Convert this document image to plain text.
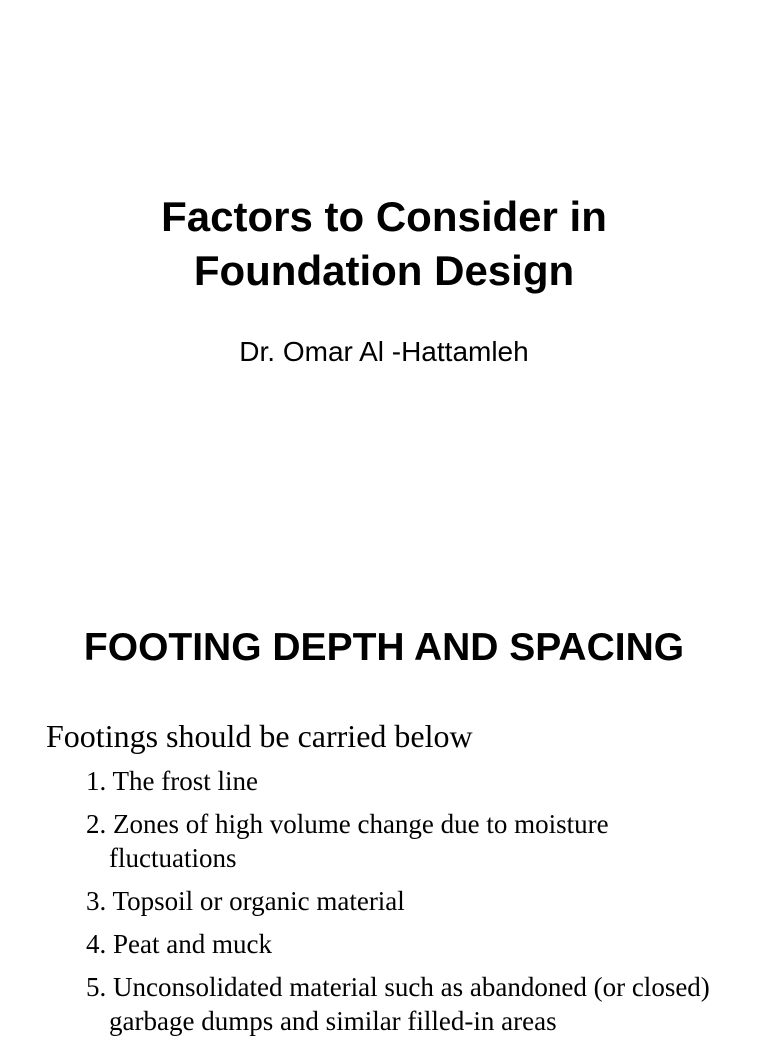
Factors to Consider in
Foundation Design
Dr. Omar Al -Hattamleh
FOOTING DEPTH AND SPACING
Footings should be carried below
1. The frost line
2. Zones of high volume change due to moisture fluctuations
3. Topsoil or organic material
4. Peat and muck
5. Unconsolidated material such as abandoned (or closed) garbage dumps and similar filled-in areas
